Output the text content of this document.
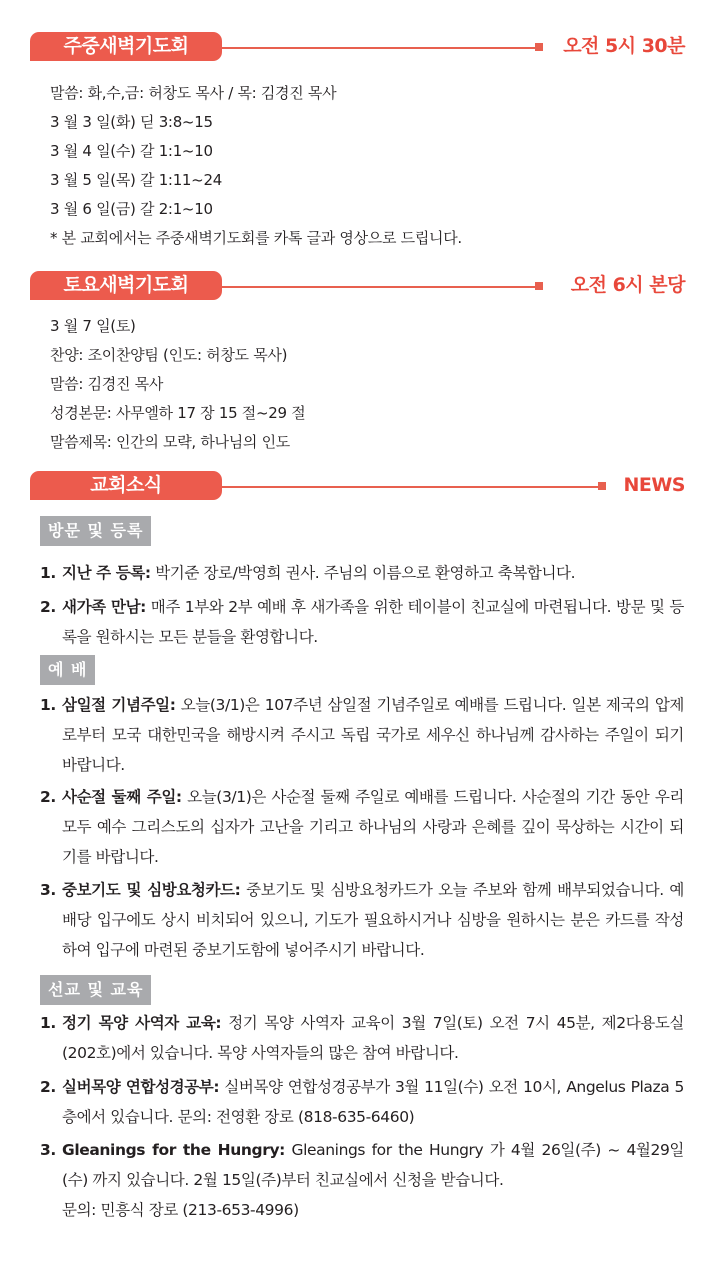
주중새벽기도회	오전 5시 30분
말씀: 화,수,금: 허창도 목사 / 목: 김경진 목사
3 월 3 일(화) 딛 3:8~15
3 월 4 일(수) 갈 1:1~10
3 월 5 일(목) 갈 1:11~24
3 월 6 일(금) 갈 2:1~10
* 본 교회에서는 주중새벽기도회를 카톡 글과 영상으로 드립니다.
토요새벽기도회	오전 6시 본당
3 월 7 일(토)
찬양: 조이찬양팀 (인도: 허창도 목사)
말씀: 김경진 목사
성경본문: 사무엘하 17 장 15 절~29 절
말씀제목: 인간의 모략, 하나님의 인도
교회소식	NEWS
방문 및 등록
1. 지난 주 등록: 박기준 장로/박영희 권사. 주님의 이름으로 환영하고 축복합니다.
2. 새가족 만남: 매주 1부와 2부 예배 후 새가족을 위한 테이블이 친교실에 마련됩니다. 방문 및 등록을 원하시는 모든 분들을 환영합니다.
예 배
1. 삼일절 기념주일: 오늘(3/1)은 107주년 삼일절 기념주일로 예배를 드립니다. 일본 제국의 압제로부터 모국 대한민국을 해방시켜 주시고 독립 국가로 세우신 하나님께 감사하는 주일이 되기 바랍니다.
2. 사순절 둘째 주일: 오늘(3/1)은 사순절 둘째 주일로 예배를 드립니다. 사순절의 기간 동안 우리 모두 예수 그리스도의 십자가 고난을 기리고 하나님의 사랑과 은혜를 깊이 묵상하는 시간이 되기를 바랍니다.
3. 중보기도 및 심방요청카드: 중보기도 및 심방요청카드가 오늘 주보와 함께 배부되었습니다. 예배당 입구에도 상시 비치되어 있으니, 기도가 필요하시거나 심방을 원하시는 분은 카드를 작성하여 입구에 마련된 중보기도함에 넣어주시기 바랍니다.
선교 및 교육
1. 정기 목양 사역자 교육: 정기 목양 사역자 교육이 3월 7일(토) 오전 7시 45분, 제2다용도실(202호)에서 있습니다. 목양 사역자들의 많은 참여 바랍니다.
2. 실버목양 연합성경공부: 실버목양 연합성경공부가 3월 11일(수) 오전 10시, Angelus Plaza 5층에서 있습니다. 문의: 전영환 장로 (818-635-6460)
3. Gleanings for the Hungry: Gleanings for the Hungry 가 4월 26일(주) ~ 4월29일(수) 까지 있습니다. 2월 15일(주)부터 친교실에서 신청을 받습니다.
문의: 민흥식 장로 (213-653-4996)
